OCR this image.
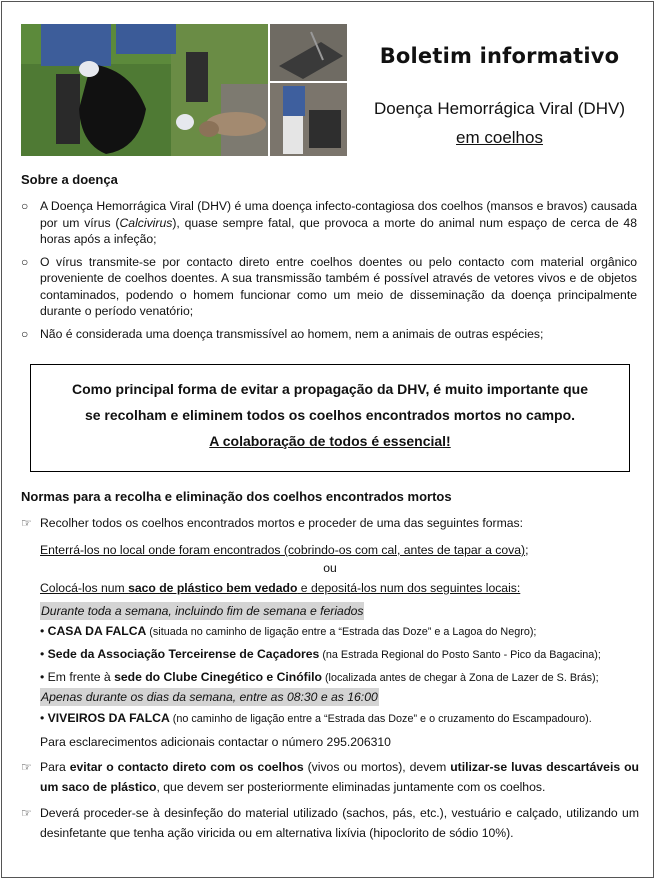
Boletim informativo
Doença Hemorrágica Viral (DHV)
em coelhos
Sobre a doença
○ A Doença Hemorrágica Viral (DHV) é uma doença infecto-contagiosa dos coelhos (mansos e bravos) causada por um vírus (Calcivirus), quase sempre fatal, que provoca a morte do animal num espaço de cerca de 48 horas após a infeção;
○ O vírus transmite-se por contacto direto entre coelhos doentes ou pelo contacto com material orgânico proveniente de coelhos doentes. A sua transmissão também é possível através de vetores vivos e de objetos contaminados, podendo o homem funcionar como um meio de disseminação da doença principalmente durante o período venatório;
○ Não é considerada uma doença transmissível ao homem, nem a animais de outras espécies;
Como principal forma de evitar a propagação da DHV, é muito importante que
se recolham e eliminem todos os coelhos encontrados mortos no campo.
A colaboração de todos é essencial!
Normas para a recolha e eliminação dos coelhos encontrados mortos
☞ Recolher todos os coelhos encontrados mortos e proceder de uma das seguintes formas:
Enterrá-los no local onde foram encontrados (cobrindo-os com cal, antes de tapar a cova);
ou
Colocá-los num saco de plástico bem vedado e depositá-los num dos seguintes locais:
Durante toda a semana, incluindo fim de semana e feriados
• CASA DA FALCA (situada no caminho de ligação entre a “Estrada das Doze” e a Lagoa do Negro);
• Sede da Associação Terceirense de Caçadores (na Estrada Regional do Posto Santo - Pico da Bagacina);
• Em frente à sede do Clube Cinegético e Cinófilo (localizada antes de chegar à Zona de Lazer de S. Brás);
Apenas durante os dias da semana, entre as 08:30 e as 16:00
• VIVEIROS DA FALCA (no caminho de ligação entre a “Estrada das Doze” e o cruzamento do Escampadouro).
Para esclarecimentos adicionais contactar o número 295.206310
☞ Para evitar o contacto direto com os coelhos (vivos ou mortos), devem utilizar-se luvas descartáveis ou um saco de plástico, que devem ser posteriormente eliminadas juntamente com os coelhos.
☞ Deverá proceder-se à desinfeção do material utilizado (sachos, pás, etc.), vestuário e calçado, utilizando um desinfetante que tenha ação viricida ou em alternativa lixívia (hipoclorito de sódio 10%).
